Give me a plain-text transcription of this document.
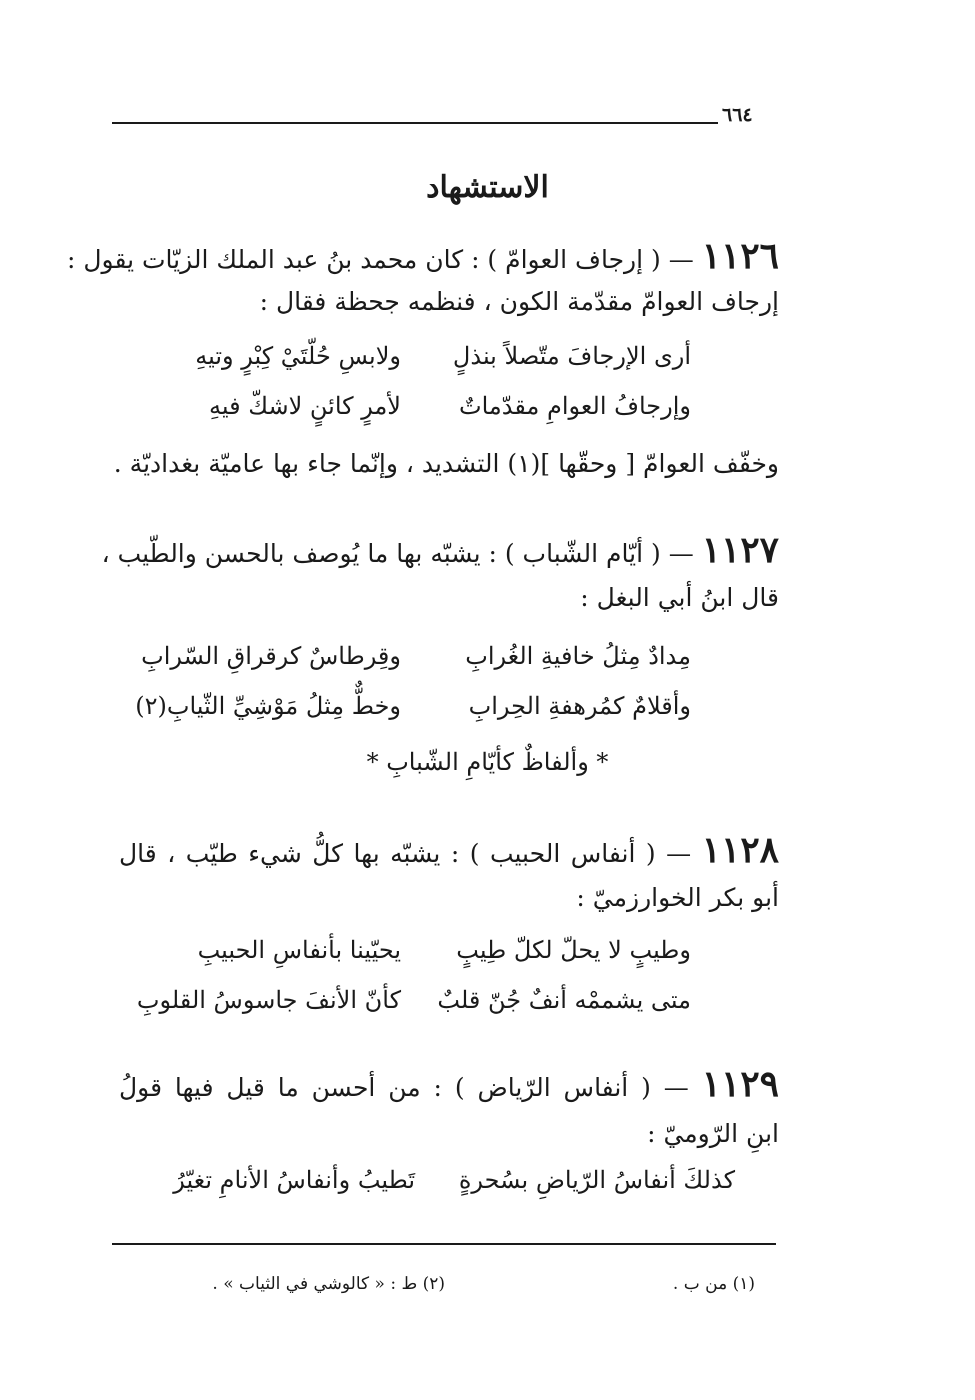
٦٦٤
الاستشهاد
١١٢٦ — ( إرجاف العوامّ ) : كان محمد بنُ عبد الملك الزيّات يقول :
إرجاف العوامّ مقدّمة الكون ، فنظمه جحظة فقال :
أرى الإرجافَ متّصلاً بنذلٍ
ولابسِ حُلّتَيْ كِبْرٍ وتيهِ
وإرجافُ العوامِ مقدّماتٌ
لأمرٍ كائنٍ لاشكّ فيهِ
وخفّف العوامّ [ وحقّها ](١) التشديد ، وإنّما جاء بها عاميّة بغداديّة .
١١٢٧ — ( أيّام الشّباب ) : يشبّه بها ما يُوصف بالحسن والطّيب ،
قال ابنُ أبي البغل :
مِدادٌ مِثلُ خافيةِ الغُرابِ
وقِرطاسٌ كرقراقِ السّرابِ
وأقلامٌ كمُرهفةِ الحِرابِ
وخطٌّ مِثلُ مَوْشِيِّ الثّيابِ(٢)
* وألفاظٌ كأيّامِ الشّبابِ *
١١٢٨ — ( أنفاس الحبيب ) : يشبّه بها كلُّ شيء طيّب ، قال
أبو بكر الخوارزميّ :
وطيبٍ لا يحلّ لكلّ طِيبٍ
يحيّينا بأنفاسِ الحبيبِ
متى يشممْه أنفٌ جُنّ قلبٌ
كأنّ الأنفَ جاسوسُ القلوبِ
١١٢٩ — ( أنفاس الرّياض ) : من أحسن ما قيل فيها قولُ
ابنِ الرّوميّ :
كذلكَ أنفاسُ الرّياضِ بسُحرةٍ
تَطيبُ وأنفاسُ الأنامِ تغيّرُ
(١) من ب .
(٢) ط : « كالوشي في الثياب » .
